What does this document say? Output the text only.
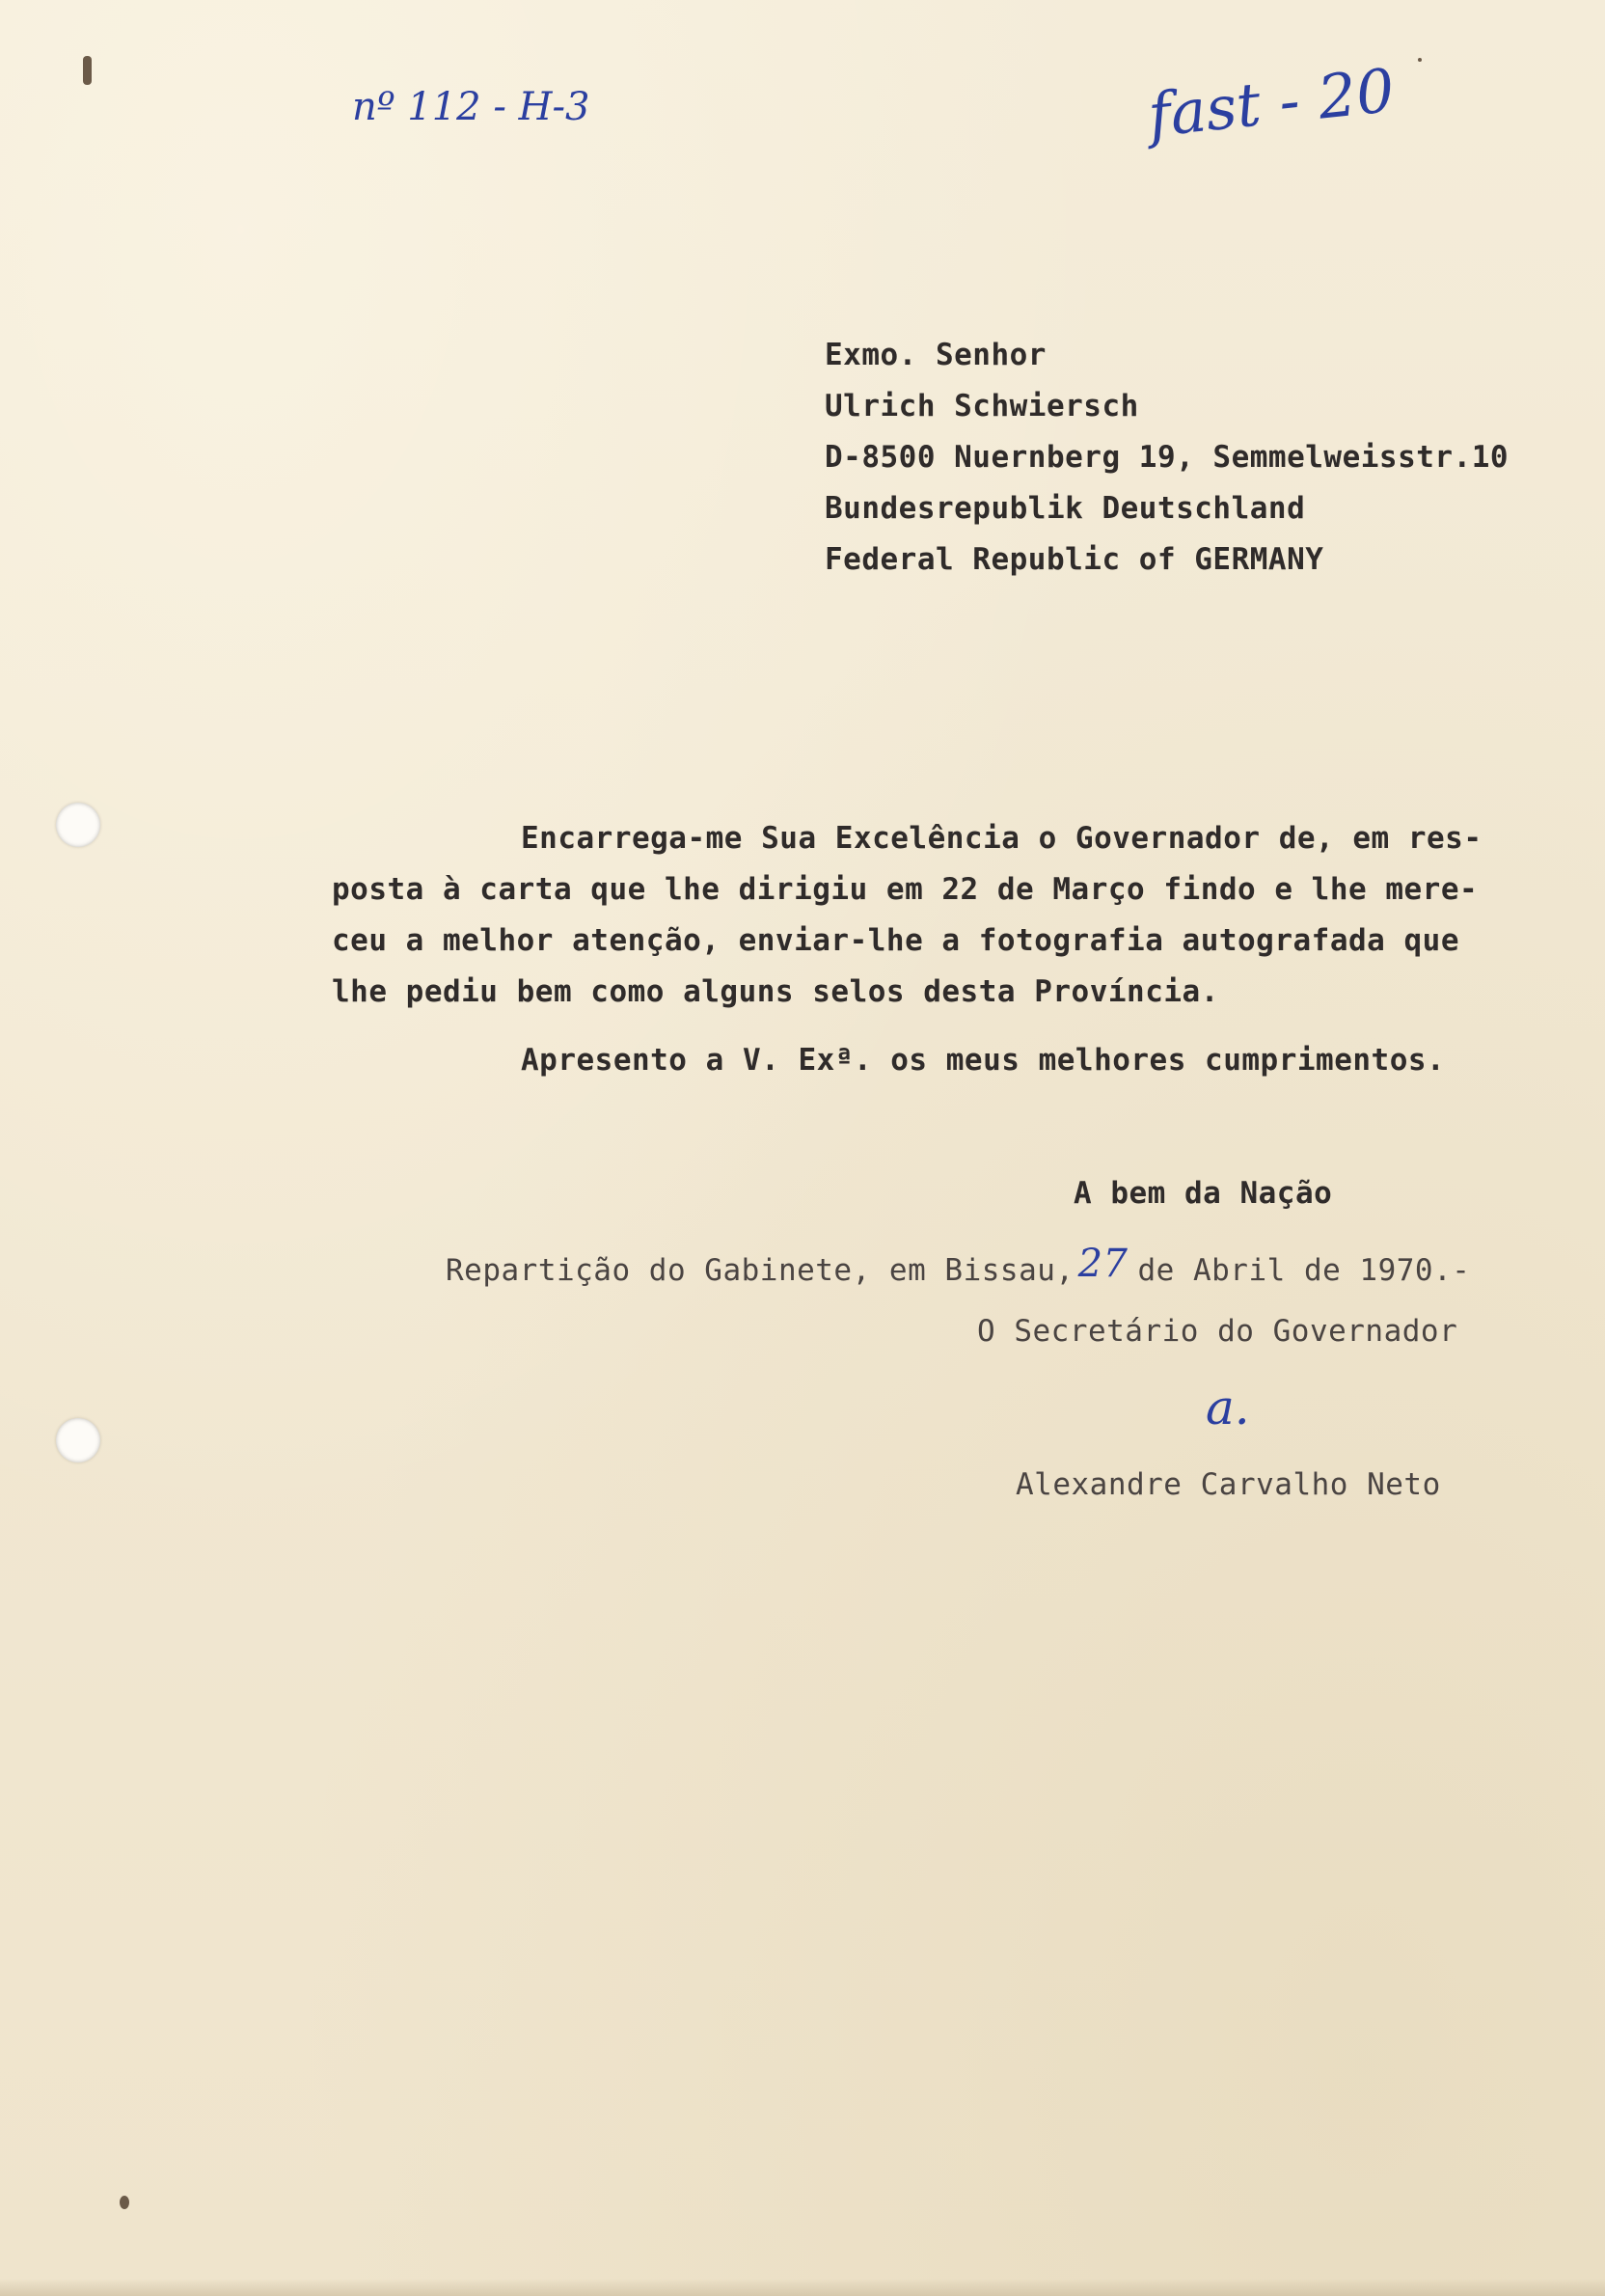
nº 112 - H-3	fast - 20
Exmo. Senhor
Ulrich Schwiersch
D-8500 Nuernberg 19, Semmelweisstr.10
Bundesrepublik Deutschland
Federal Republic of GERMANY
Encarrega-me Sua Excelência o Governador de, em res-
posta à carta que lhe dirigiu em 22 de Março findo e lhe mere-
ceu a melhor atenção, enviar-lhe a fotografia autografada que
lhe pediu bem como alguns selos desta Província.
Apresento a V. Exª. os meus melhores cumprimentos.
A bem da Nação
Repartição do Gabinete, em Bissau, 27 de Abril de 1970.-
O Secretário do Governador
a.
Alexandre Carvalho Neto
